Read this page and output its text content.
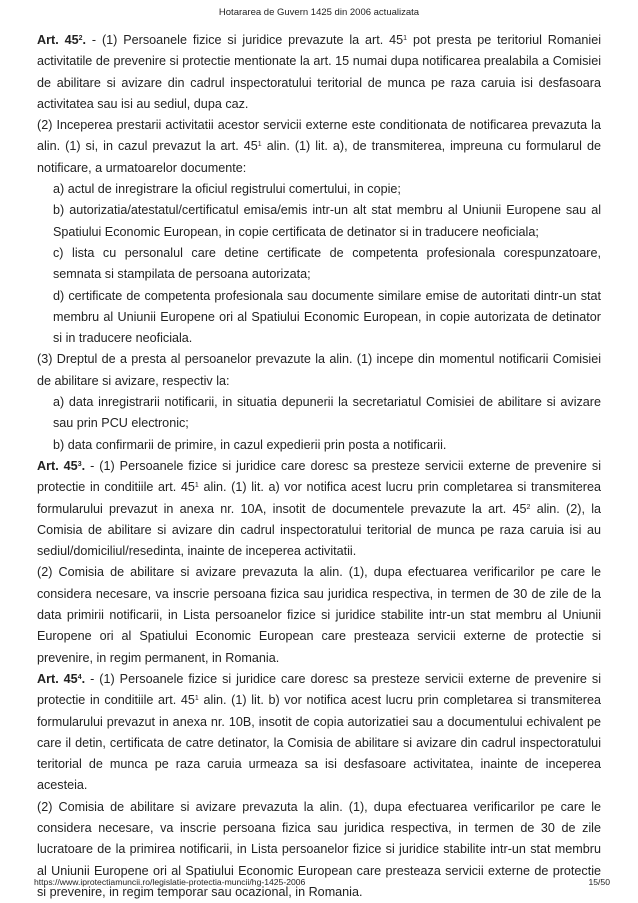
Hotararea de Guvern 1425 din 2006 actualizata

Art. $45^2$. - (1) Persoanele fizice si juridice prevazute la art. $45^1$ pot presta pe teritoriul Romaniei activitatile de prevenire si protectie mentionate la art. 15 numai dupa notificarea prealabila a Comisiei de abilitare si avizare din cadrul inspectoratului teritorial de munca pe raza caruia isi desfasoara activitatea sau isi au sediul, dupa caz.

(2) Inceperea prestarii activitatii acestor servicii externe este conditionata de notificarea prevazuta la alin. (1) si, in cazul prevazut la art. $45^1$ alin. (1) lit. a), de transmiterea, impreuna cu formularul de notificare, a urmatoarelor documente:

a) actul de inregistrare la oficiul registrului comertului, in copie;

b) autorizatia/atestatul/certificatul emisa/emis intr-un alt stat membru al Uniunii Europene sau al Spatiului Economic European, in copie certificata de detinator si in traducere neoficiala;

c) lista cu personalul care detine certificate de competenta profesionala corespunzatoare, semnata si stampilata de persoana autorizata;

d) certificate de competenta profesionala sau documente similare emise de autoritati dintr-un stat membru al Uniunii Europene ori al Spatiului Economic European, in copie autorizata de detinator si in traducere neoficiala.

(3) Dreptul de a presta al persoanelor prevazute la alin. (1) incepe din momentul notificarii Comisiei de abilitare si avizare, respectiv la:

a) data inregistrarii notificarii, in situatia depunerii la secretariatul Comisiei de abilitare si avizare sau prin PCU electronic;

b) data confirmarii de primire, in cazul expedierii prin posta a notificarii.

Art. $45^3$. - (1) Persoanele fizice si juridice care doresc sa presteze servicii externe de prevenire si protectie in conditiile art. $45^1$ alin. (1) lit. a) vor notifica acest lucru prin completarea si transmiterea formularului prevazut in anexa nr. 10A, insotit de documentele prevazute la art. $45^2$ alin. (2), la Comisia de abilitare si avizare din cadrul inspectoratului teritorial de munca pe raza caruia isi au sediul/domiciliul/resedinta, inainte de inceperea activitatii.

(2) Comisia de abilitare si avizare prevazuta la alin. (1), dupa efectuarea verificarilor pe care le considera necesare, va inscrie persoana fizica sau juridica respectiva, in termen de 30 de zile de la data primirii notificarii, in Lista persoanelor fizice si juridice stabilite intr-un stat membru al Uniunii Europene ori al Spatiului Economic European care presteaza servicii externe de protectie si prevenire, in regim permanent, in Romania.

Art. $45^4$. - (1) Persoanele fizice si juridice care doresc sa presteze servicii externe de prevenire si protectie in conditiile art. $45^1$ alin. (1) lit. b) vor notifica acest lucru prin completarea si transmiterea formularului prevazut in anexa nr. 10B, insotit de copia autorizatiei sau a documentului echivalent pe care il detin, certificata de catre detinator, la Comisia de abilitare si avizare din cadrul inspectoratului teritorial de munca pe raza caruia urmeaza sa isi desfasoare activitatea, inainte de inceperea acesteia.

(2) Comisia de abilitare si avizare prevazuta la alin. (1), dupa efectuarea verificarilor pe care le considera necesare, va inscrie persoana fizica sau juridica respectiva, in termen de 30 de zile lucratoare de la primirea notificarii, in Lista persoanelor fizice si juridice stabilite intr-un stat membru al Uniunii Europene ori al Spatiului Economic European care presteaza servicii externe de protectie si prevenire, in regim temporar sau ocazional, in Romania.

https://www.iprotectiamuncii.ro/legislatie-protectia-muncii/hg-1425-2006	15/50
